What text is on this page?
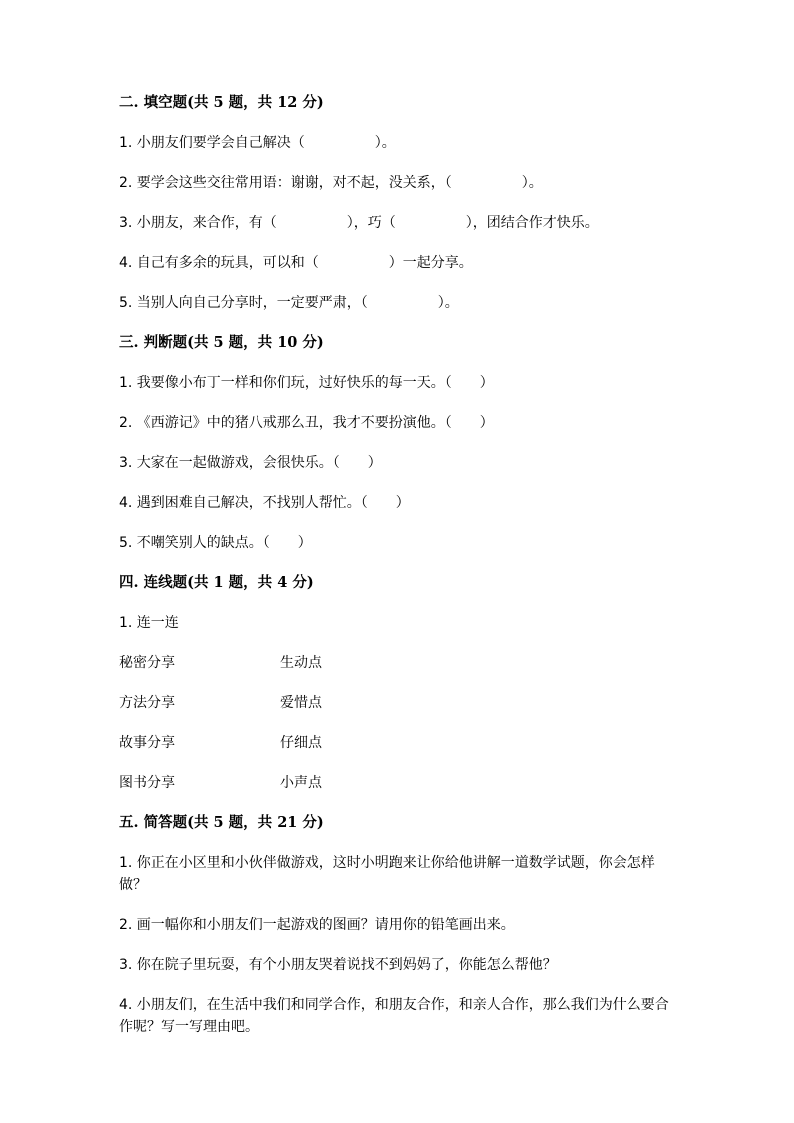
二. 填空题(共 5 题，共 12 分)
1. 小朋友们要学会自己解决（　　　　　）。
2. 要学会这些交往常用语：谢谢，对不起，没关系，（　　　　　）。
3. 小朋友，来合作，有（　　　　　），巧（　　　　　），团结合作才快乐。
4. 自己有多余的玩具，可以和（　　　　　）一起分享。
5. 当别人向自己分享时，一定要严肃，（　　　　　）。
三. 判断题(共 5 题，共 10 分)
1. 我要像小布丁一样和你们玩，过好快乐的每一天。（　　）
2. 《西游记》中的猪八戒那么丑，我才不要扮演他。（　　）
3. 大家在一起做游戏，会很快乐。（　　）
4. 遇到困难自己解决，不找别人帮忙。（　　）
5. 不嘲笑别人的缺点。（　　）
四. 连线题(共 1 题，共 4 分)
1. 连一连
秘密分享	生动点
方法分享	爱惜点
故事分享	仔细点
图书分享	小声点
五. 简答题(共 5 题，共 21 分)
1. 你正在小区里和小伙伴做游戏，这时小明跑来让你给他讲解一道数学试题，你会怎样做？
2. 画一幅你和小朋友们一起游戏的图画？请用你的铅笔画出来。
3. 你在院子里玩耍，有个小朋友哭着说找不到妈妈了，你能怎么帮他？
4. 小朋友们，在生活中我们和同学合作，和朋友合作，和亲人合作，那么我们为什么要合作呢？写一写理由吧。
